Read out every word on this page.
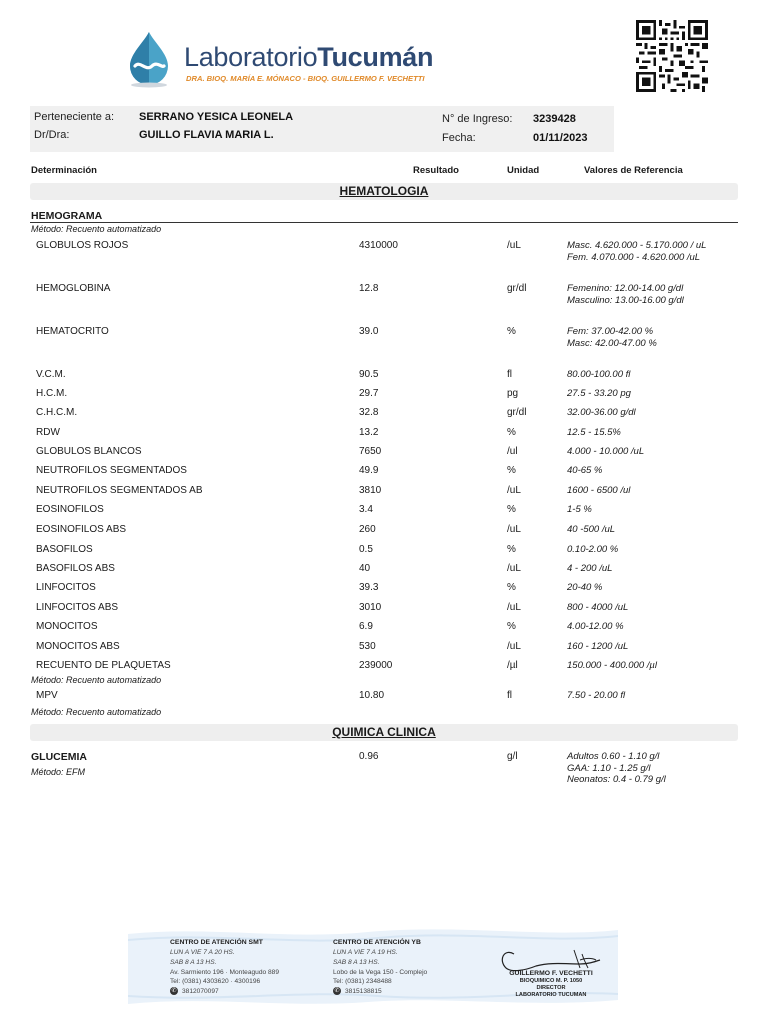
LaboratorioTucumán
DRA. BIOQ. MARÍA E. MÓNACO - BIOQ. GUILLERMO F. VECHETTI
Perteneciente a: SERRANO YESICA LEONELA
Dr/Dra:	GUILLO FLAVIA MARIA L.
N° de Ingreso: 3239428
Fecha:	01/11/2023
Determinación	Resultado	Unidad	Valores de Referencia
HEMATOLOGIA
HEMOGRAMA
Método: Recuento automatizado
GLOBULOS ROJOS	4310000	/uL	Masc. 4.620.000 - 5.170.000 / uL
Fem. 4.070.000 - 4.620.000 /uL
HEMOGLOBINA	12.8	gr/dl	Femenino: 12.00-14.00 g/dl
Masculino: 13.00-16.00 g/dl
HEMATOCRITO	39.0	%	Fem: 37.00-42.00 %
Masc: 42.00-47.00 %
V.C.M.	90.5	fl	80.00-100.00 fl
H.C.M.	29.7	pg	27.5 - 33.20 pg
C.H.C.M.	32.8	gr/dl	32.00-36.00 g/dl
RDW	13.2	%	12.5 - 15.5%
GLOBULOS BLANCOS	7650	/ul	4.000 - 10.000 /uL
NEUTROFILOS SEGMENTADOS	49.9	%	40-65 %
NEUTROFILOS SEGMENTADOS AB	3810	/uL	1600 - 6500 /ul
EOSINOFILOS	3.4	%	1-5 %
EOSINOFILOS ABS	260	/uL	40 -500 /uL
BASOFILOS	0.5	%	0.10-2.00 %
BASOFILOS ABS	40	/uL	4 - 200 /uL
LINFOCITOS	39.3	%	20-40 %
LINFOCITOS ABS	3010	/uL	800 - 4000 /uL
MONOCITOS	6.9	%	4.00-12.00 %
MONOCITOS ABS	530	/uL	160 - 1200 /uL
RECUENTO DE PLAQUETAS	239000	/µl	150.000 - 400.000 /µl
Método: Recuento automatizado
MPV	10.80	fl	7.50 - 20.00 fl
Método: Recuento automatizado
QUIMICA CLINICA
GLUCEMIA
Método: EFM
0.96	g/l	Adultos 0.60 - 1.10 g/l
GAA: 1.10 - 1.25 g/l
Neonatos: 0.4 - 0.79 g/l
CENTRO DE ATENCIÓN SMT
LUN A VIE 7 A 20 HS.
SAB 8 A 13 HS.
Av. Sarmiento 196 · Monteagudo 889
Tel: (0381) 4303620 · 4300196
✆ 3812070097
CENTRO DE ATENCIÓN YB
LUN A VIE 7 A 19 HS.
SAB 8 A 13 HS.
Lobo de la Vega 150 - Complejo
Tel: (0381) 2348488
✆ 3815138815
GUILLERMO F. VECHETTI
BIOQUIMICO M. P. 1050
DIRECTOR
LABORATORIO TUCUMAN
